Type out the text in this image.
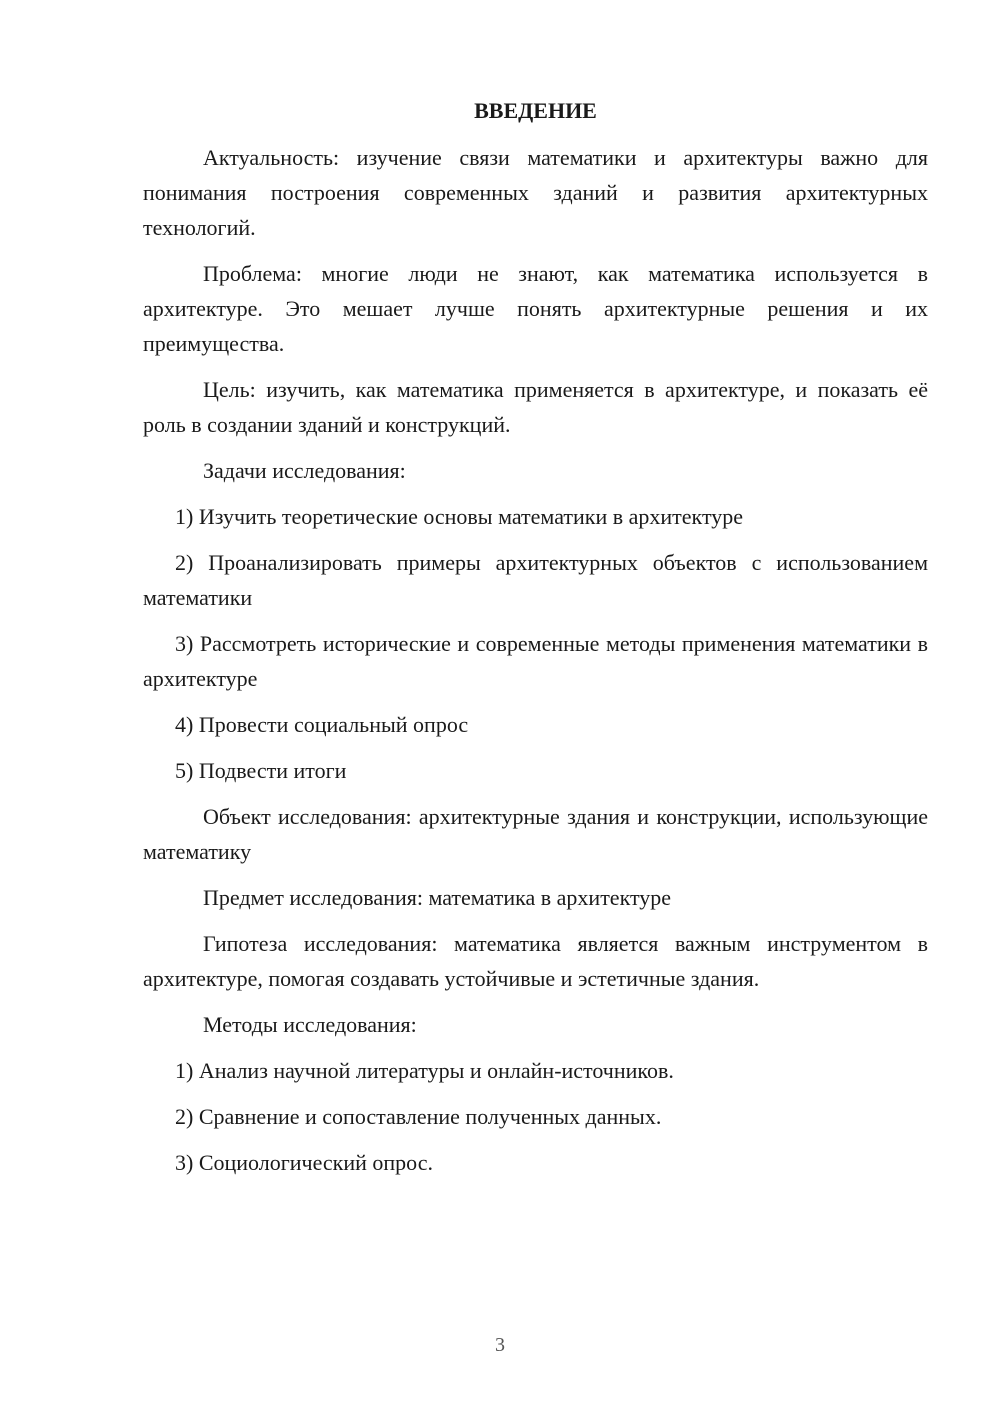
ВВЕДЕНИЕ

Актуальность: изучение связи математики и архитектуры важно для понимания построения современных зданий и развития архитектурных технологий.

Проблема: многие люди не знают, как математика используется в архитектуре. Это мешает лучше понять архитектурные решения и их преимущества.

Цель: изучить, как математика применяется в архитектуре, и показать её роль в создании зданий и конструкций.

Задачи исследования:

1) Изучить теоретические основы математики в архитектуре

2) Проанализировать примеры архитектурных объектов с использованием математики

3) Рассмотреть исторические и современные методы применения математики в архитектуре

4) Провести социальный опрос

5) Подвести итоги

Объект исследования: архитектурные здания и конструкции, использующие математику

Предмет исследования: математика в архитектуре

Гипотеза исследования: математика является важным инструментом в архитектуре, помогая создавать устойчивые и эстетичные здания.

Методы исследования:

1) Анализ научной литературы и онлайн-источников.

2) Сравнение и сопоставление полученных данных.

3) Социологический опрос.

3
